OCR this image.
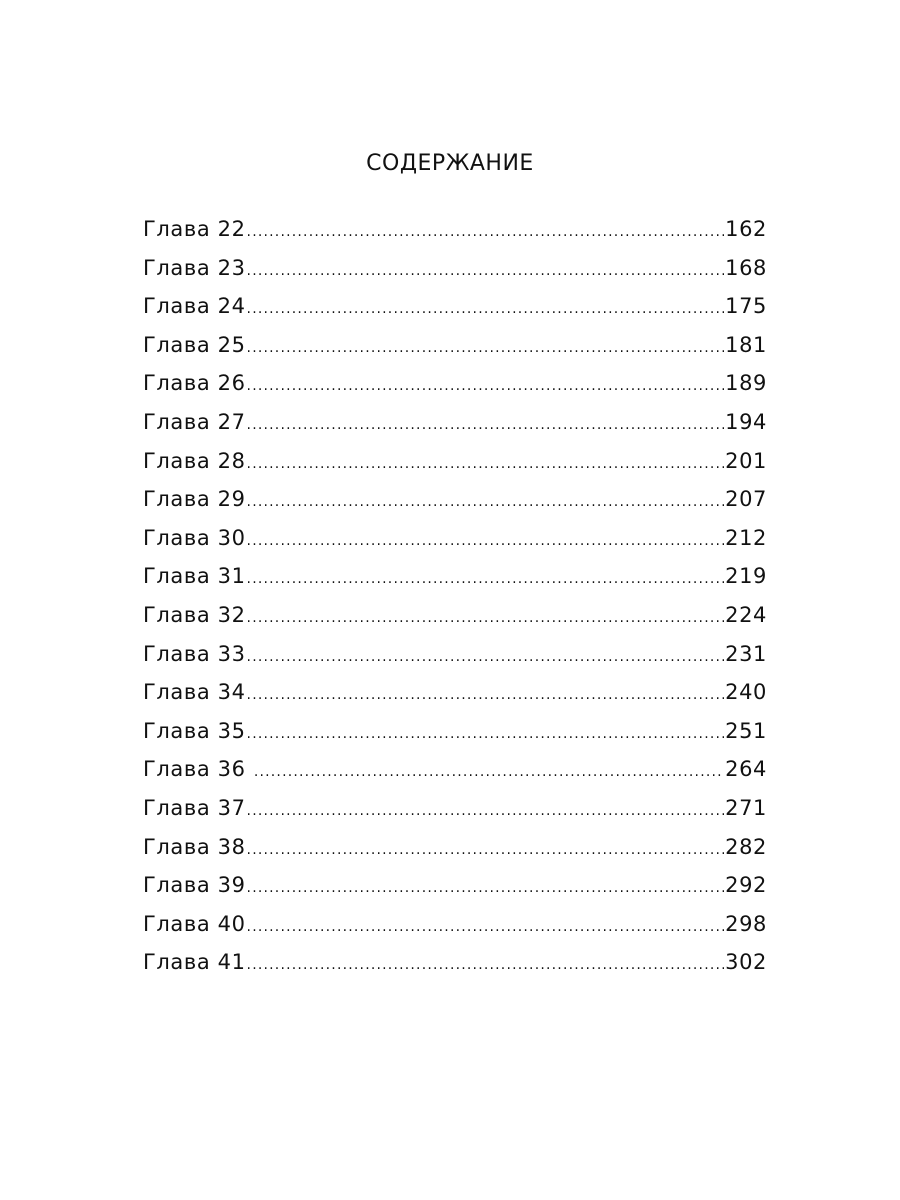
СОДЕРЖАНИЕ
Глава 22 .....	162
Глава 23 .....	168
Глава 24 .....	175
Глава 25 .....	181
Глава 26 .....	189
Глава 27 .....	194
Глава 28 .....	201
Глава 29 .....	207
Глава 30 .....	212
Глава 31 .....	219
Глава 32 .....	224
Глава 33 .....	231
Глава 34 .....	240
Глава 35 .....	251
Глава 36 .....	264
Глава 37 .....	271
Глава 38 .....	282
Глава 39 .....	292
Глава 40 .....	298
Глава 41 .....	302
